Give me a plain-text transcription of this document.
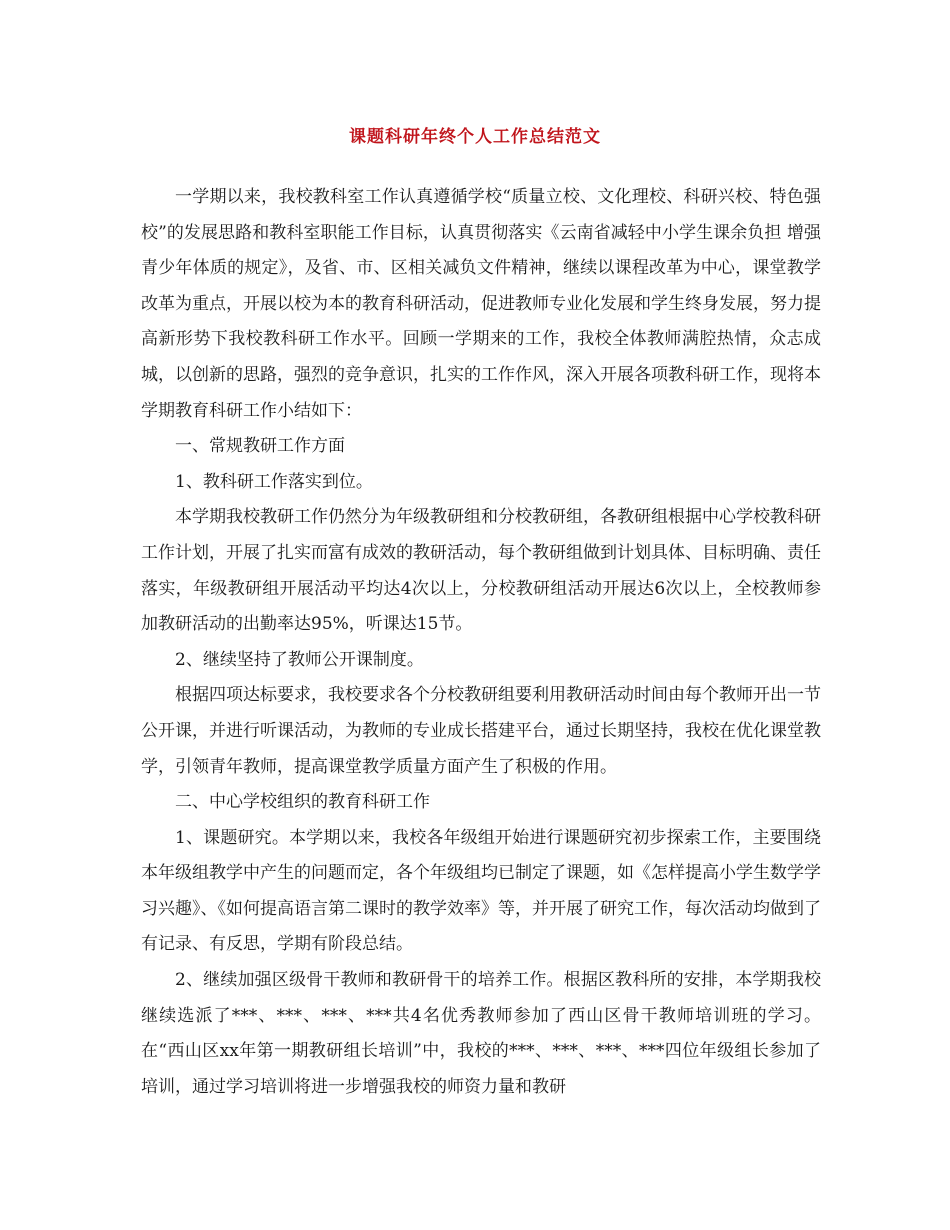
课题科研年终个人工作总结范文

一学期以来，我校教科室工作认真遵循学校“质量立校、文化理校、科研兴校、特色强校”的发展思路和教科室职能工作目标，认真贯彻落实《云南省减轻中小学生课余负担 增强青少年体质的规定》，及省、市、区相关减负文件精神，继续以课程改革为中心，课堂教学改革为重点，开展以校为本的教育科研活动，促进教师专业化发展和学生终身发展，努力提高新形势下我校教科研工作水平。回顾一学期来的工作，我校全体教师满腔热情，众志成城，以创新的思路，强烈的竞争意识，扎实的工作作风，深入开展各项教科研工作，现将本学期教育科研工作小结如下：

一、常规教研工作方面

1、教科研工作落实到位。

本学期我校教研工作仍然分为年级教研组和分校教研组，各教研组根据中心学校教科研工作计划，开展了扎实而富有成效的教研活动，每个教研组做到计划具体、目标明确、责任落实，年级教研组开展活动平均达4次以上，分校教研组活动开展达6次以上，全校教师参加教研活动的出勤率达95%，听课达15节。

2、继续坚持了教师公开课制度。

根据四项达标要求，我校要求各个分校教研组要利用教研活动时间由每个教师开出一节公开课，并进行听课活动，为教师的专业成长搭建平台，通过长期坚持，我校在优化课堂教学，引领青年教师，提高课堂教学质量方面产生了积极的作用。

二、中心学校组织的教育科研工作

1、课题研究。本学期以来，我校各年级组开始进行课题研究初步探索工作，主要围绕本年级组教学中产生的问题而定，各个年级组均已制定了课题，如《怎样提高小学生数学学习兴趣》、《如何提高语言第二课时的教学效率》等，并开展了研究工作，每次活动均做到了有记录、有反思，学期有阶段总结。

2、继续加强区级骨干教师和教研骨干的培养工作。根据区教科所的安排，本学期我校继续选派了***、***、***、***共4名优秀教师参加了西山区骨干教师培训班的学习。在“西山区xx年第一期教研组长培训”中，我校的***、***、***、***四位年级组长参加了培训，通过学习培训将进一步增强我校的师资力量和教研
